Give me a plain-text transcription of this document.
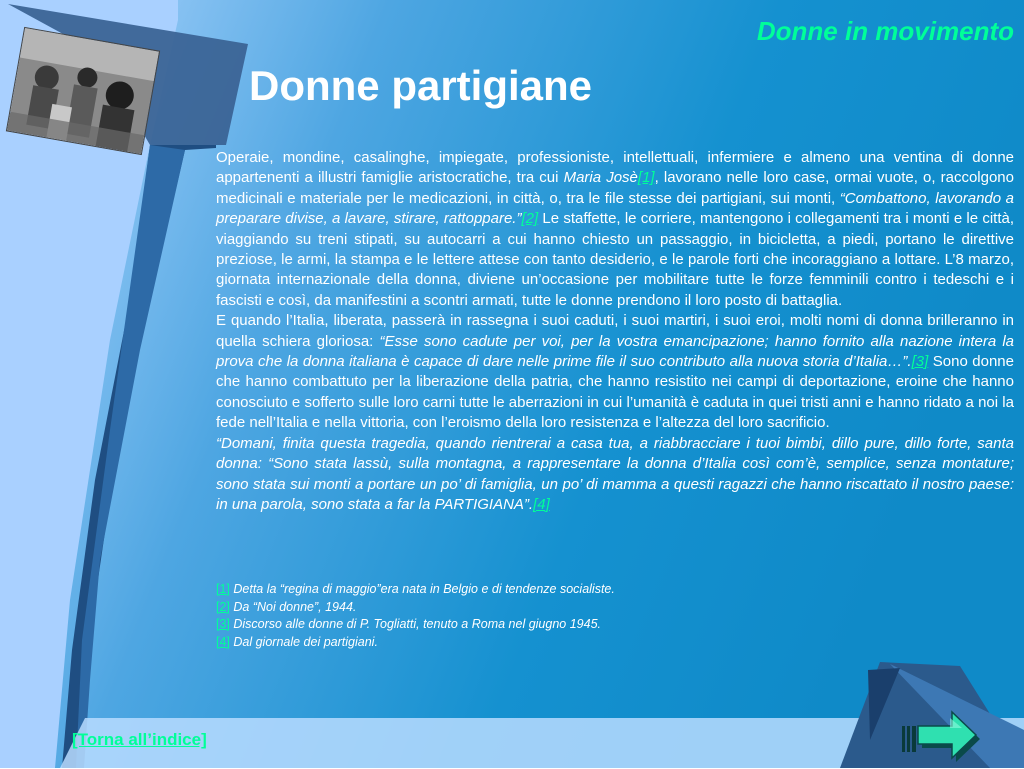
Donne in movimento
Donne partigiane

Operaie, mondine, casalinghe, impiegate, professioniste, intellettuali, infermiere e almeno una ventina di donne appartenenti a illustri famiglie aristocratiche, tra cui Maria Josè[1], lavorano nelle loro case, ormai vuote, o, raccolgono medicinali e materiale per le medicazioni, in città, o, tra le file stesse dei partigiani, sui monti, “Combattono, lavorando a preparare divise, a lavare, stirare, rattoppare.”[2] Le staffette, le corriere, mantengono i collegamenti tra i monti e le città, viaggiando su treni stipati, su autocarri a cui hanno chiesto un passaggio, in bicicletta, a piedi, portano le direttive preziose, le armi, la stampa e le lettere attese con tanto desiderio, e le parole forti che incoraggiano a lottare. L’8 marzo, giornata internazionale della donna, diviene un’occasione per mobilitare tutte le forze femminili contro i tedeschi e i fascisti e così, da manifestini a scontri armati, tutte le donne prendono il loro posto di battaglia.

E quando l’Italia, liberata, passerà in rassegna i suoi caduti, i suoi martiri, i suoi eroi, molti nomi di donna brilleranno in quella schiera gloriosa: “Esse sono cadute per voi, per la vostra emancipazione; hanno fornito alla nazione intera la prova che la donna italiana è capace di dare nelle prime file il suo contributo alla nuova storia d’Italia…”.[3] Sono donne che hanno combattuto per la liberazione della patria, che hanno resistito nei campi di deportazione, eroine che hanno conosciuto e sofferto sulle loro carni tutte le aberrazioni in cui l’umanità è caduta in quei tristi anni e hanno ridato a noi la fede nell’Italia e nella vittoria, con l’eroismo della loro resistenza e l’altezza del loro sacrificio.

“Domani, finita questa tragedia, quando rientrerai a casa tua, a riabbracciare i tuoi bimbi, dillo pure, dillo forte, santa donna: “Sono stata lassù, sulla montagna, a rappresentare la donna d’Italia così com’è, semplice, senza montature; sono stata sui monti a portare un po’ di famiglia, un po’ di mamma a questi ragazzi che hanno riscattato il nostro paese: in una parola, sono stata a far la PARTIGIANA”.[4]

[1] Detta la “regina di maggio”era nata in Belgio e di tendenze socialiste.
[2] Da “Noi donne”, 1944.
[3] Discorso alle donne di P. Togliatti, tenuto a Roma nel giugno 1945.
[4] Dal giornale dei partigiani.
[Torna all’indice]
